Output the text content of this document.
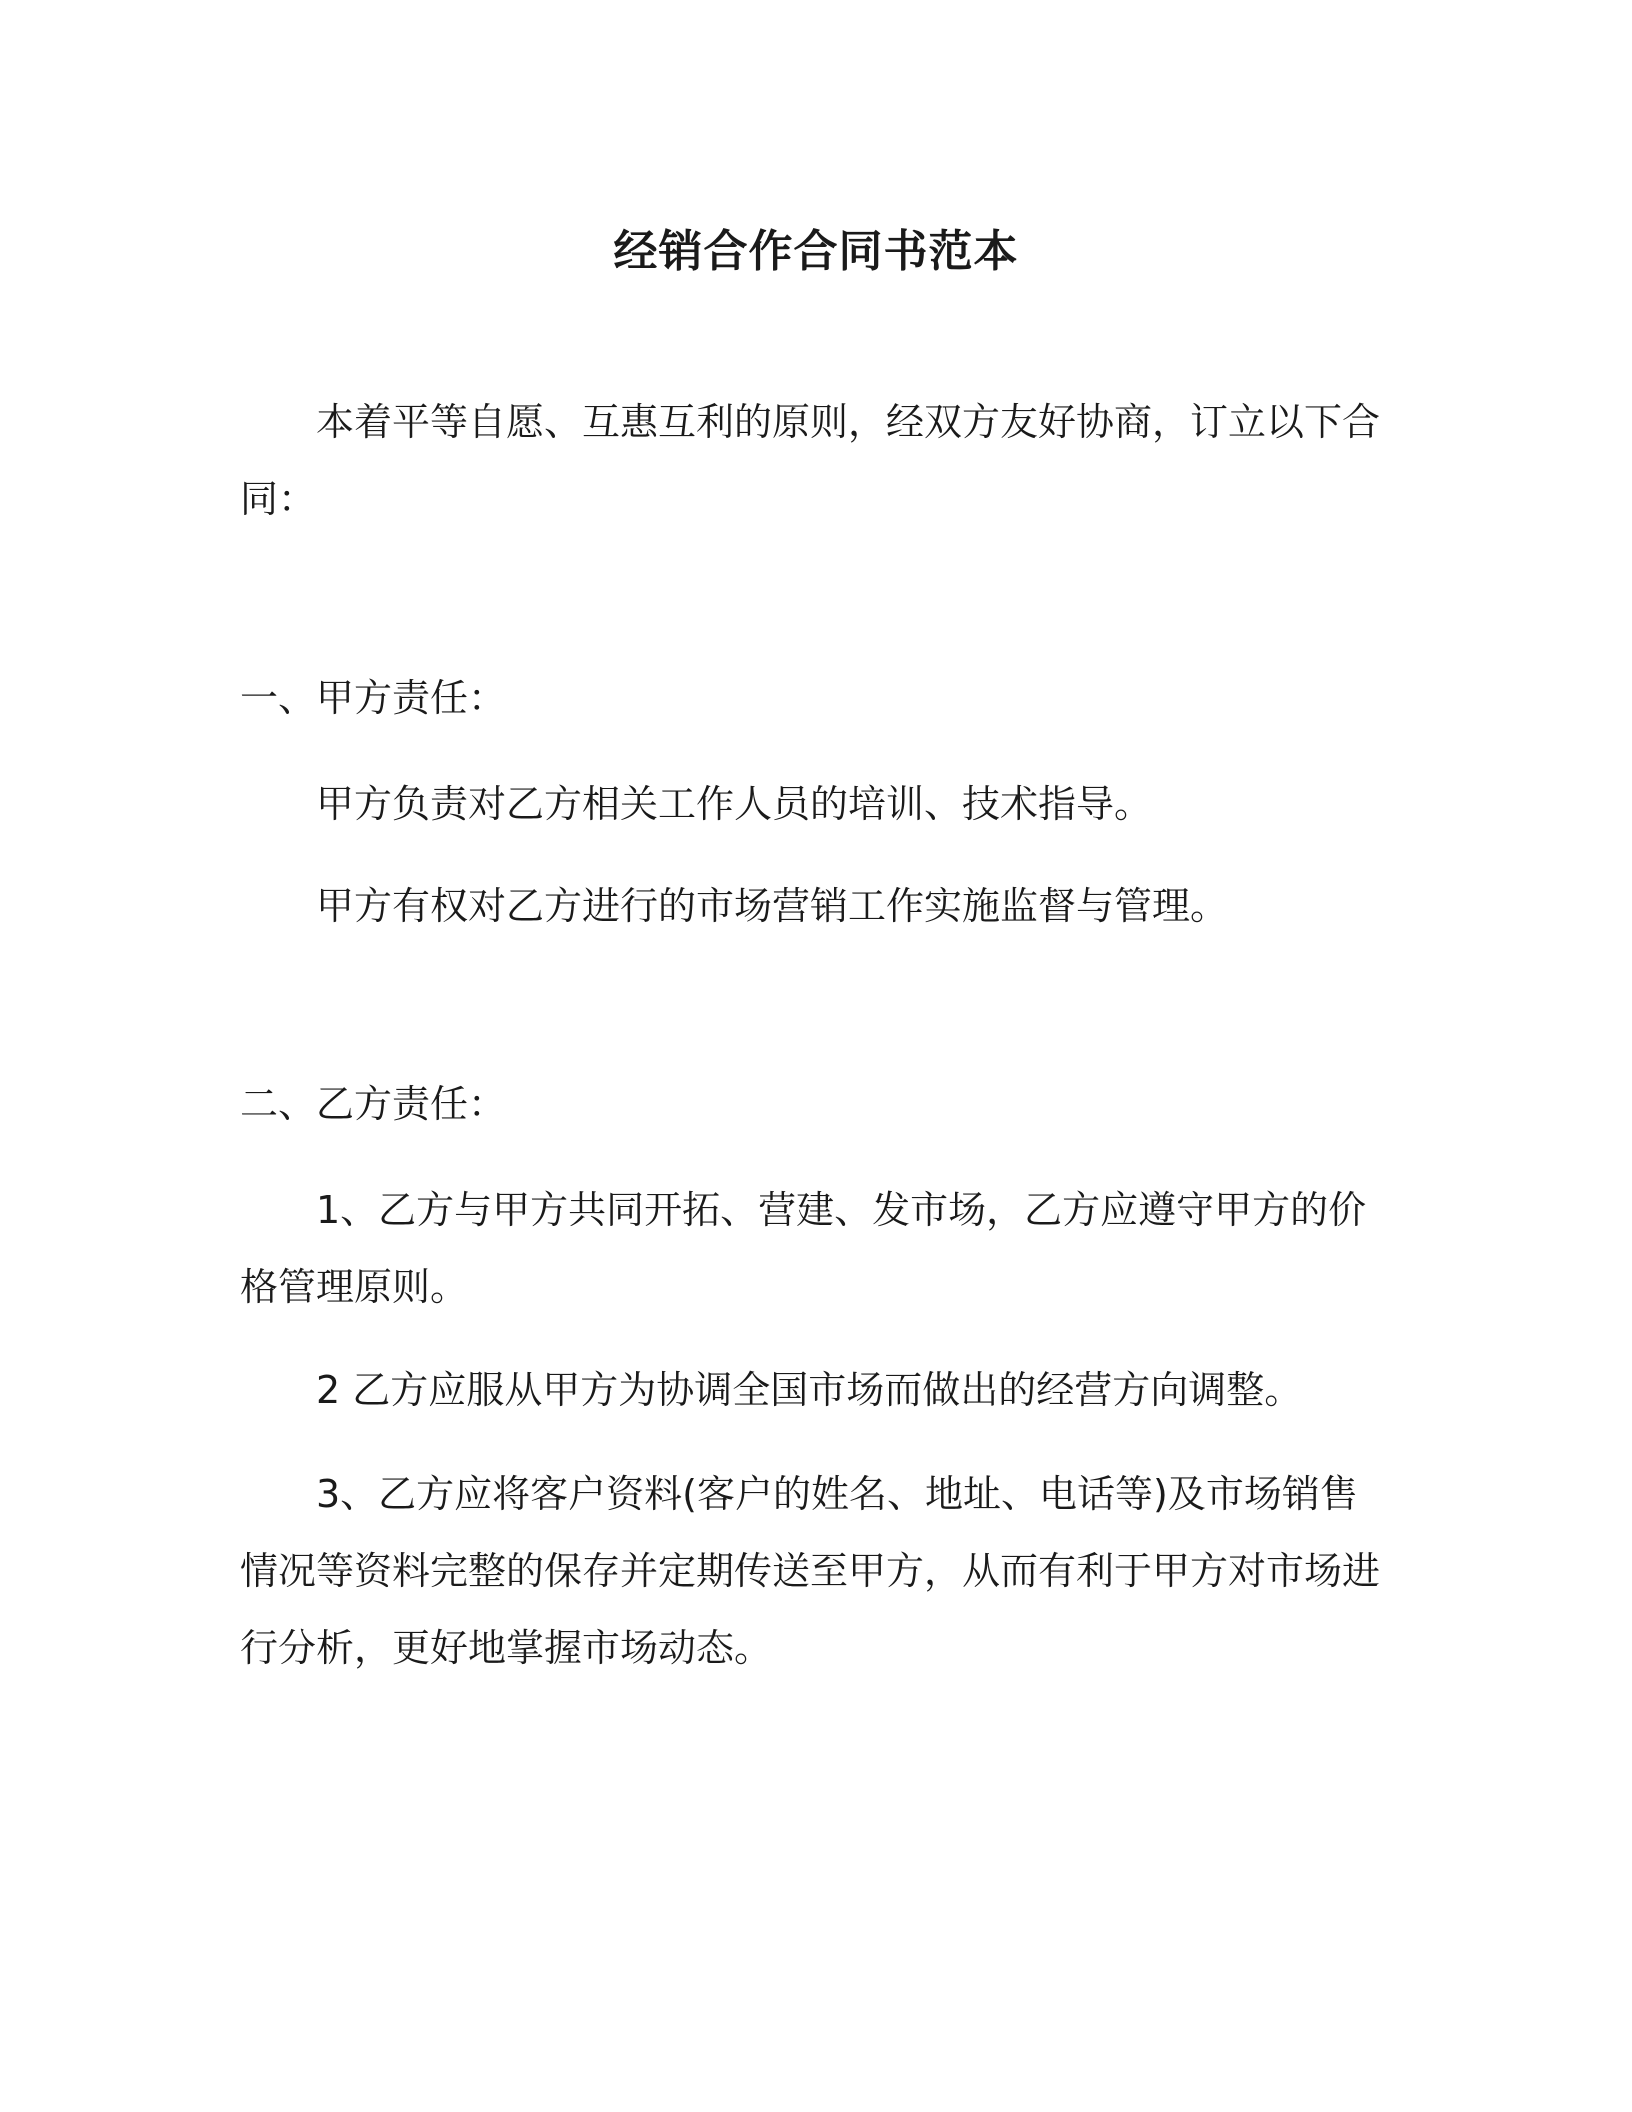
经销合作合同书范本

本着平等自愿、互惠互利的原则，经双方友好协商，订立以下合同：

一、甲方责任：

甲方负责对乙方相关工作人员的培训、技术指导。

甲方有权对乙方进行的市场营销工作实施监督与管理。

二、乙方责任：

1、乙方与甲方共同开拓、营建、发市场，乙方应遵守甲方的价格管理原则。

2 乙方应服从甲方为协调全国市场而做出的经营方向调整。

3、乙方应将客户资料(客户的姓名、地址、电话等)及市场销售情况等资料完整的保存并定期传送至甲方，从而有利于甲方对市场进行分析，更好地掌握市场动态。
